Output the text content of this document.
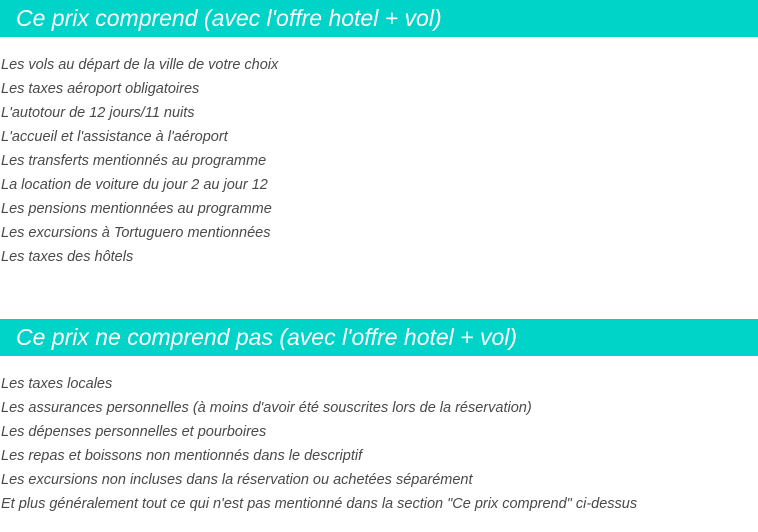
Ce prix comprend (avec l'offre hotel + vol)
Les vols au départ de la ville de votre choix
Les taxes aéroport obligatoires
L'autotour de 12 jours/11 nuits
L'accueil et l'assistance à l'aéroport
Les transferts mentionnés au programme
La location de voiture du jour 2 au jour 12
Les pensions mentionnées au programme
Les excursions à Tortuguero mentionnées
Les taxes des hôtels
Ce prix ne comprend pas (avec l'offre hotel + vol)
Les taxes locales
Les assurances personnelles (à moins d'avoir été souscrites lors de la réservation)
Les dépenses personnelles et pourboires
Les repas et boissons non mentionnés dans le descriptif
Les excursions non incluses dans la réservation ou achetées séparément
Et plus généralement tout ce qui n'est pas mentionné dans la section "Ce prix comprend" ci-dessus
